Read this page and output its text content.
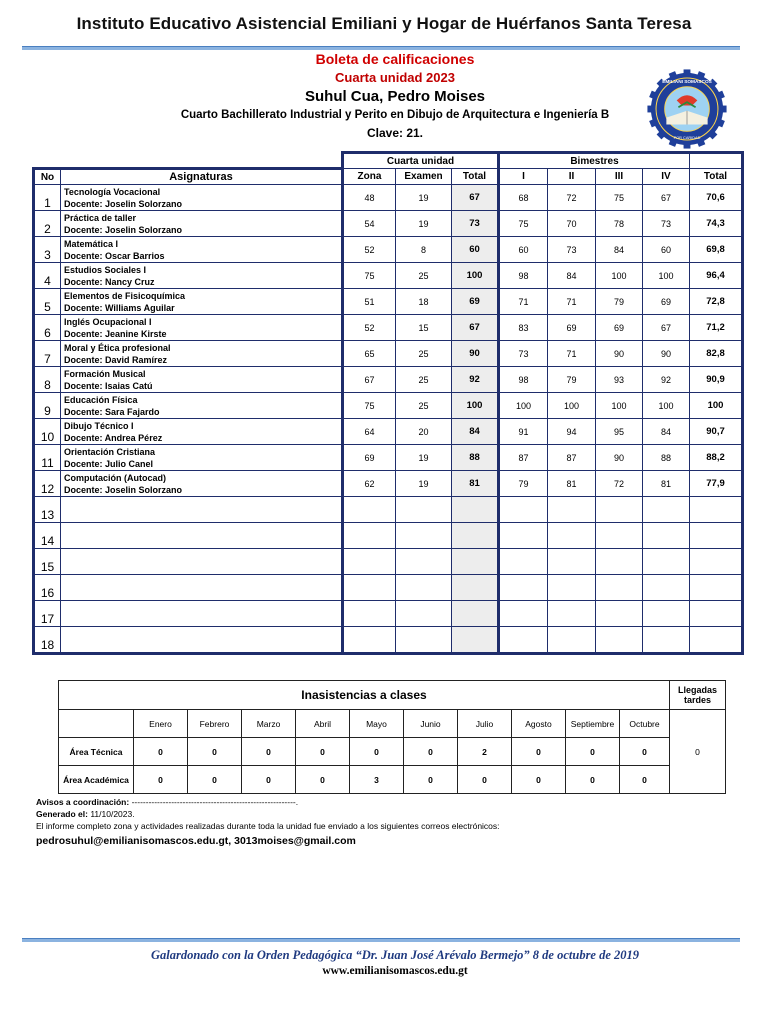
Instituto Educativo Asistencial Emiliani y Hogar de Huérfanos Santa Teresa
Boleta de calificaciones
Cuarta unidad 2023
Suhul Cua, Pedro Moises
Cuarto Bachillerato Industrial y Perito en Dibujo de Arquitectura e Ingeniería B
Clave: 21.
EMILIANI SOMASCOS
POR CARIDAD
		Cuarta unidad			Bimestres				
No	Asignaturas	Zona	Examen	Total	I	II	III	IV	Total
1	Tecnología Vocacional
Docente: Joselin Solorzano	48	19	67	68	72	75	67	70,6
2	Práctica de taller
Docente: Joselin Solorzano	54	19	73	75	70	78	73	74,3
3	Matemática I
Docente: Oscar Barrios	52	8	60	60	73	84	60	69,8
4	Estudios Sociales I
Docente: Nancy Cruz	75	25	100	98	84	100	100	96,4
5	Elementos de Fisicoquímica
Docente: Williams Aguilar	51	18	69	71	71	79	69	72,8
6	Inglés Ocupacional I
Docente: Jeanine Kirste	52	15	67	83	69	69	67	71,2
7	Moral y Ética profesional
Docente: David Ramírez	65	25	90	73	71	90	90	82,8
8	Formación Musical
Docente: Isaias Catú	67	25	92	98	79	93	92	90,9
9	Educación Física
Docente: Sara Fajardo	75	25	100	100	100	100	100	100
10	Dibujo Técnico I
Docente: Andrea Pérez	64	20	84	91	94	95	84	90,7
11	Orientación Cristiana
Docente: Julio Canel	69	19	88	87	87	90	88	88,2
12	Computación (Autocad)
Docente: Joselin Solorzano	62	19	81	79	81	72	81	77,9
13									
14									
15									
16									
17									
18									
Inasistencias a clases											Llegadas tardes
	Enero	Febrero	Marzo	Abril	Mayo	Junio	Julio	Agosto	Septiembre	Octubre	0
Área Técnica	0	0	0	0	0	0	2	0	0	0	
Área Académica	0	0	0	0	3	0	0	0	0	0	
Avisos a coordinación: ----------------------------------------------------------.
Generado el: 11/10/2023.
El informe completo zona y actividades realizadas durante toda la unidad fue enviado a los siguientes correos electrónicos:
pedrosuhul@emilianisomascos.edu.gt, 3013moises@gmail.com
Galardonado con la Orden Pedagógica “Dr. Juan José Arévalo Bermejo” 8 de octubre de 2019
www.emilianisomascos.edu.gt
